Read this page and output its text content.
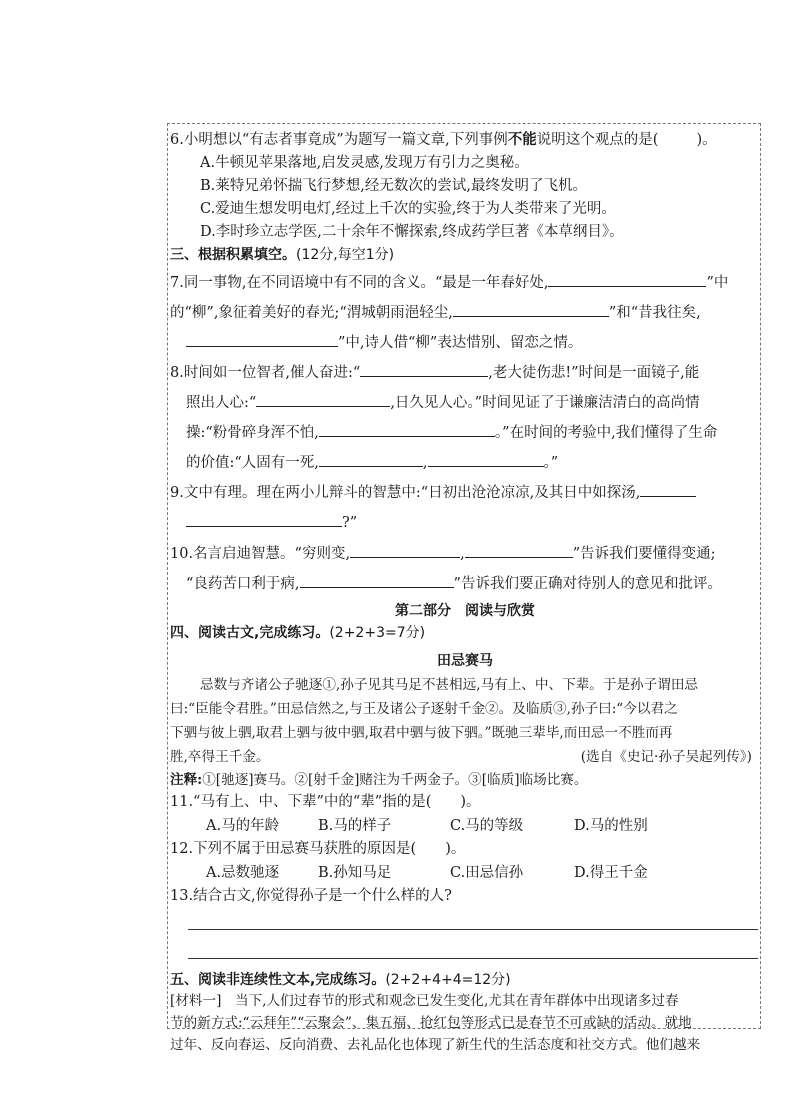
6.小明想以“有志者事竟成”为题写一篇文章,下列事例不能说明这个观点的是(	)。
A.牛顿见苹果落地,启发灵感,发现万有引力之奥秘。
B.莱特兄弟怀揣飞行梦想,经无数次的尝试,最终发明了飞机。
C.爱迪生想发明电灯,经过上千次的实验,终于为人类带来了光明。
D.李时珍立志学医,二十余年不懈探索,终成药学巨著《本草纲目》。
三、根据积累填空。(12分,每空1分)
7.同一事物,在不同语境中有不同的含义。“最是一年春好处,	”中
的“柳”,象征着美好的春光;“渭城朝雨浥轻尘,	”和“昔我往矣,
”中,诗人借“柳”表达惜别、留恋之情。
8.时间如一位智者,催人奋进:“	,老大徒伤悲!”时间是一面镜子,能
照出人心:“	,日久见人心。”时间见证了于谦廉洁清白的高尚情
操:“粉骨碎身浑不怕,	。”在时间的考验中,我们懂得了生命
的价值:“人固有一死,	,	。”
9.文中有理。理在两小儿辩斗的智慧中:“日初出沧沧凉凉,及其日中如探汤,
?”
10.名言启迪智慧。“穷则变,	,	”告诉我们要懂得变通;
“良药苦口利于病,	”告诉我们要正确对待别人的意见和批评。
第二部分　阅读与欣赏
四、阅读古文,完成练习。(2+2+3=7分)
田忌赛马
忌数与齐诸公子驰逐①,孙子见其马足不甚相远,马有上、中、下辈。于是孙子谓田忌
曰:“臣能令君胜。”田忌信然之,与王及诸公子逐射千金②。及临质③,孙子曰:“今以君之
下驷与彼上驷,取君上驷与彼中驷,取君中驷与彼下驷。”既驰三辈毕,而田忌一不胜而再
胜,卒得王千金。	(选自《史记·孙子吴起列传》)
注释:①[驰逐]赛马。②[射千金]赌注为千两金子。③[临质]临场比赛。
11.“马有上、中、下辈”中的“辈”指的是(　　)。
A.马的年龄	B.马的样子	C.马的等级	D.马的性别
12.下列不属于田忌赛马获胜的原因是(　　)。
A.忌数驰逐	B.孙知马足	C.田忌信孙	D.得王千金
13.结合古文,你觉得孙子是一个什么样的人?
五、阅读非连续性文本,完成练习。(2+2+4+4=12分)
[材料一]　当下,人们过春节的形式和观念已发生变化,尤其在青年群体中出现诸多过春
节的新方式:“云拜年”“云聚会”、集五福、抢红包等形式已是春节不可或缺的活动。就地
过年、反向春运、反向消费、去礼品化也体现了新生代的生活态度和社交方式。他们越来
